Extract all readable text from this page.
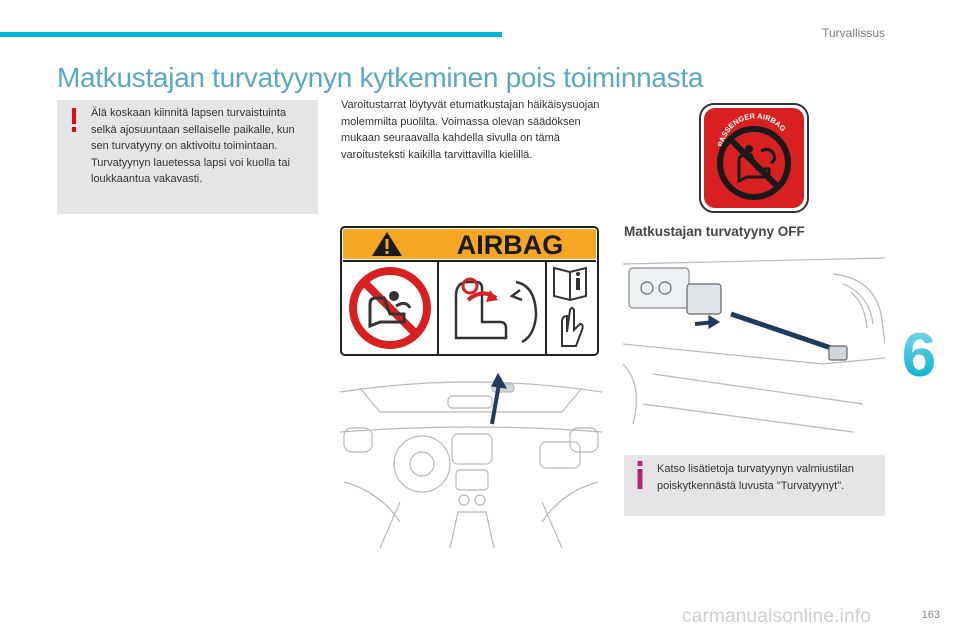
Turvallissus
Matkustajan turvatyynyn kytkeminen pois toiminnasta
Älä koskaan kiinnitä lapsen turvaistuinta selkä ajosuuntaan sellaiselle paikalle, kun sen turvatyyny on aktivoitu toimintaan. Turvatyynyn lauetessa lapsi voi kuolla tai loukkaantua vakavasti.
Varoitustarrat löytyvät etumatkustajan häikäisysuojan molemmilta puolilta. Voimassa olevan säädöksen mukaan seuraavalla kahdella sivulla on tämä varoitusteksti kaikilla tarvittavilla kielillä.
PASSENGER AIRBAG
AIRBAG	Matkustajan turvatyyny OFF
6
Katso lisätietoja turvatyynyn valmiustilan poiskytkennästä luvusta "Turvatyynyt".
carmanualsonline.info	163
